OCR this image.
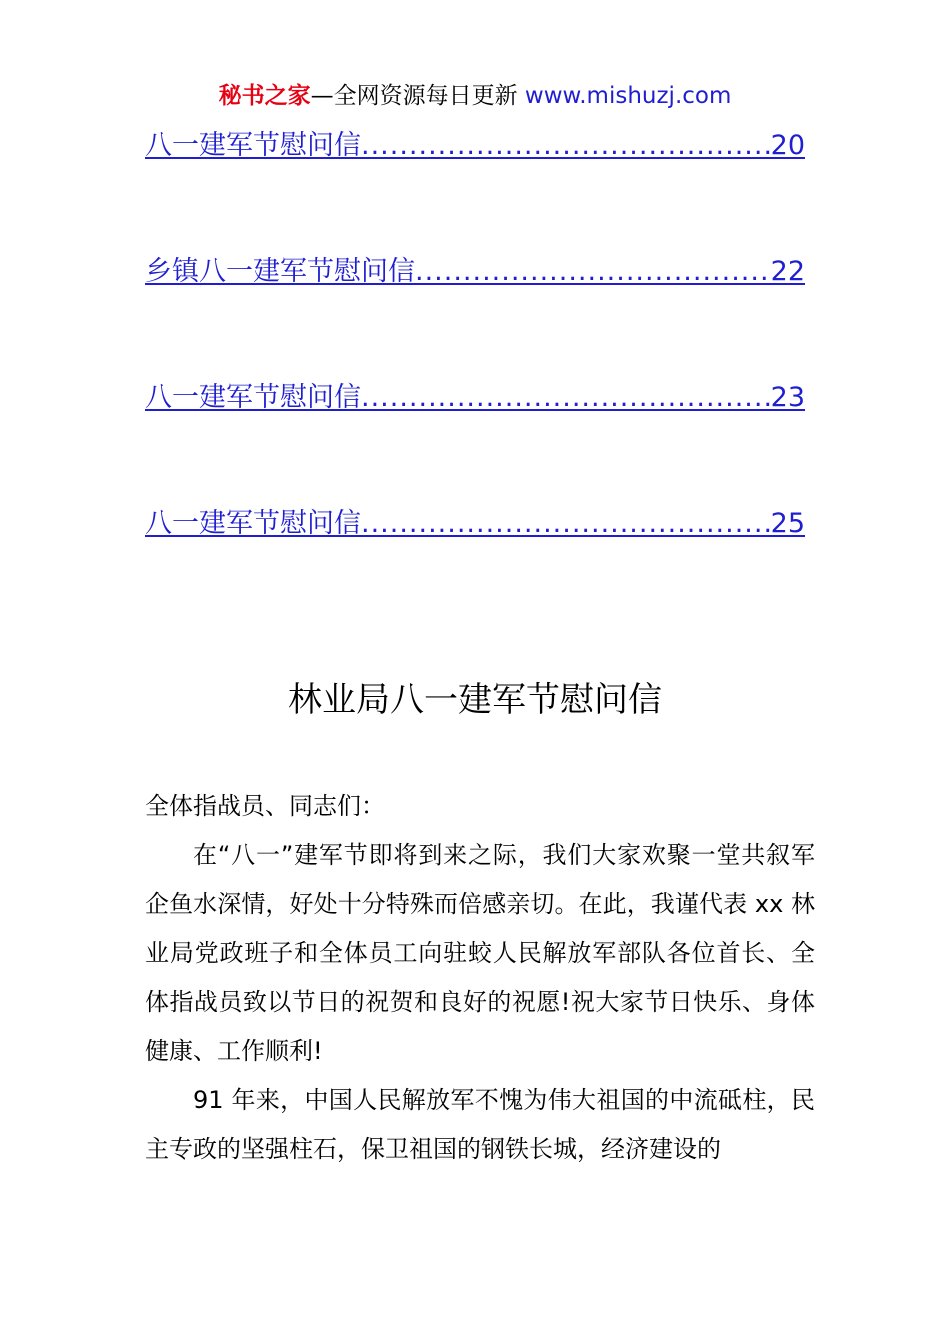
秘书之家—全网资源每日更新 www.mishuzj.com
八一建军节慰问信 .....	20
乡镇八一建军节慰问信 .....	22
八一建军节慰问信 .....	23
八一建军节慰问信 .....	25
林业局八一建军节慰问信

全体指战员、同志们：

在“八一”建军节即将到来之际，我们大家欢聚一堂共叙军企鱼水深情，好处十分特殊而倍感亲切。在此，我谨代表 xx 林业局党政班子和全体员工向驻蛟人民解放军部队各位首长、全体指战员致以节日的祝贺和良好的祝愿!祝大家节日快乐、身体健康、工作顺利!

91 年来，中国人民解放军不愧为伟大祖国的中流砥柱，民主专政的坚强柱石，保卫祖国的钢铁长城，经济建设的
